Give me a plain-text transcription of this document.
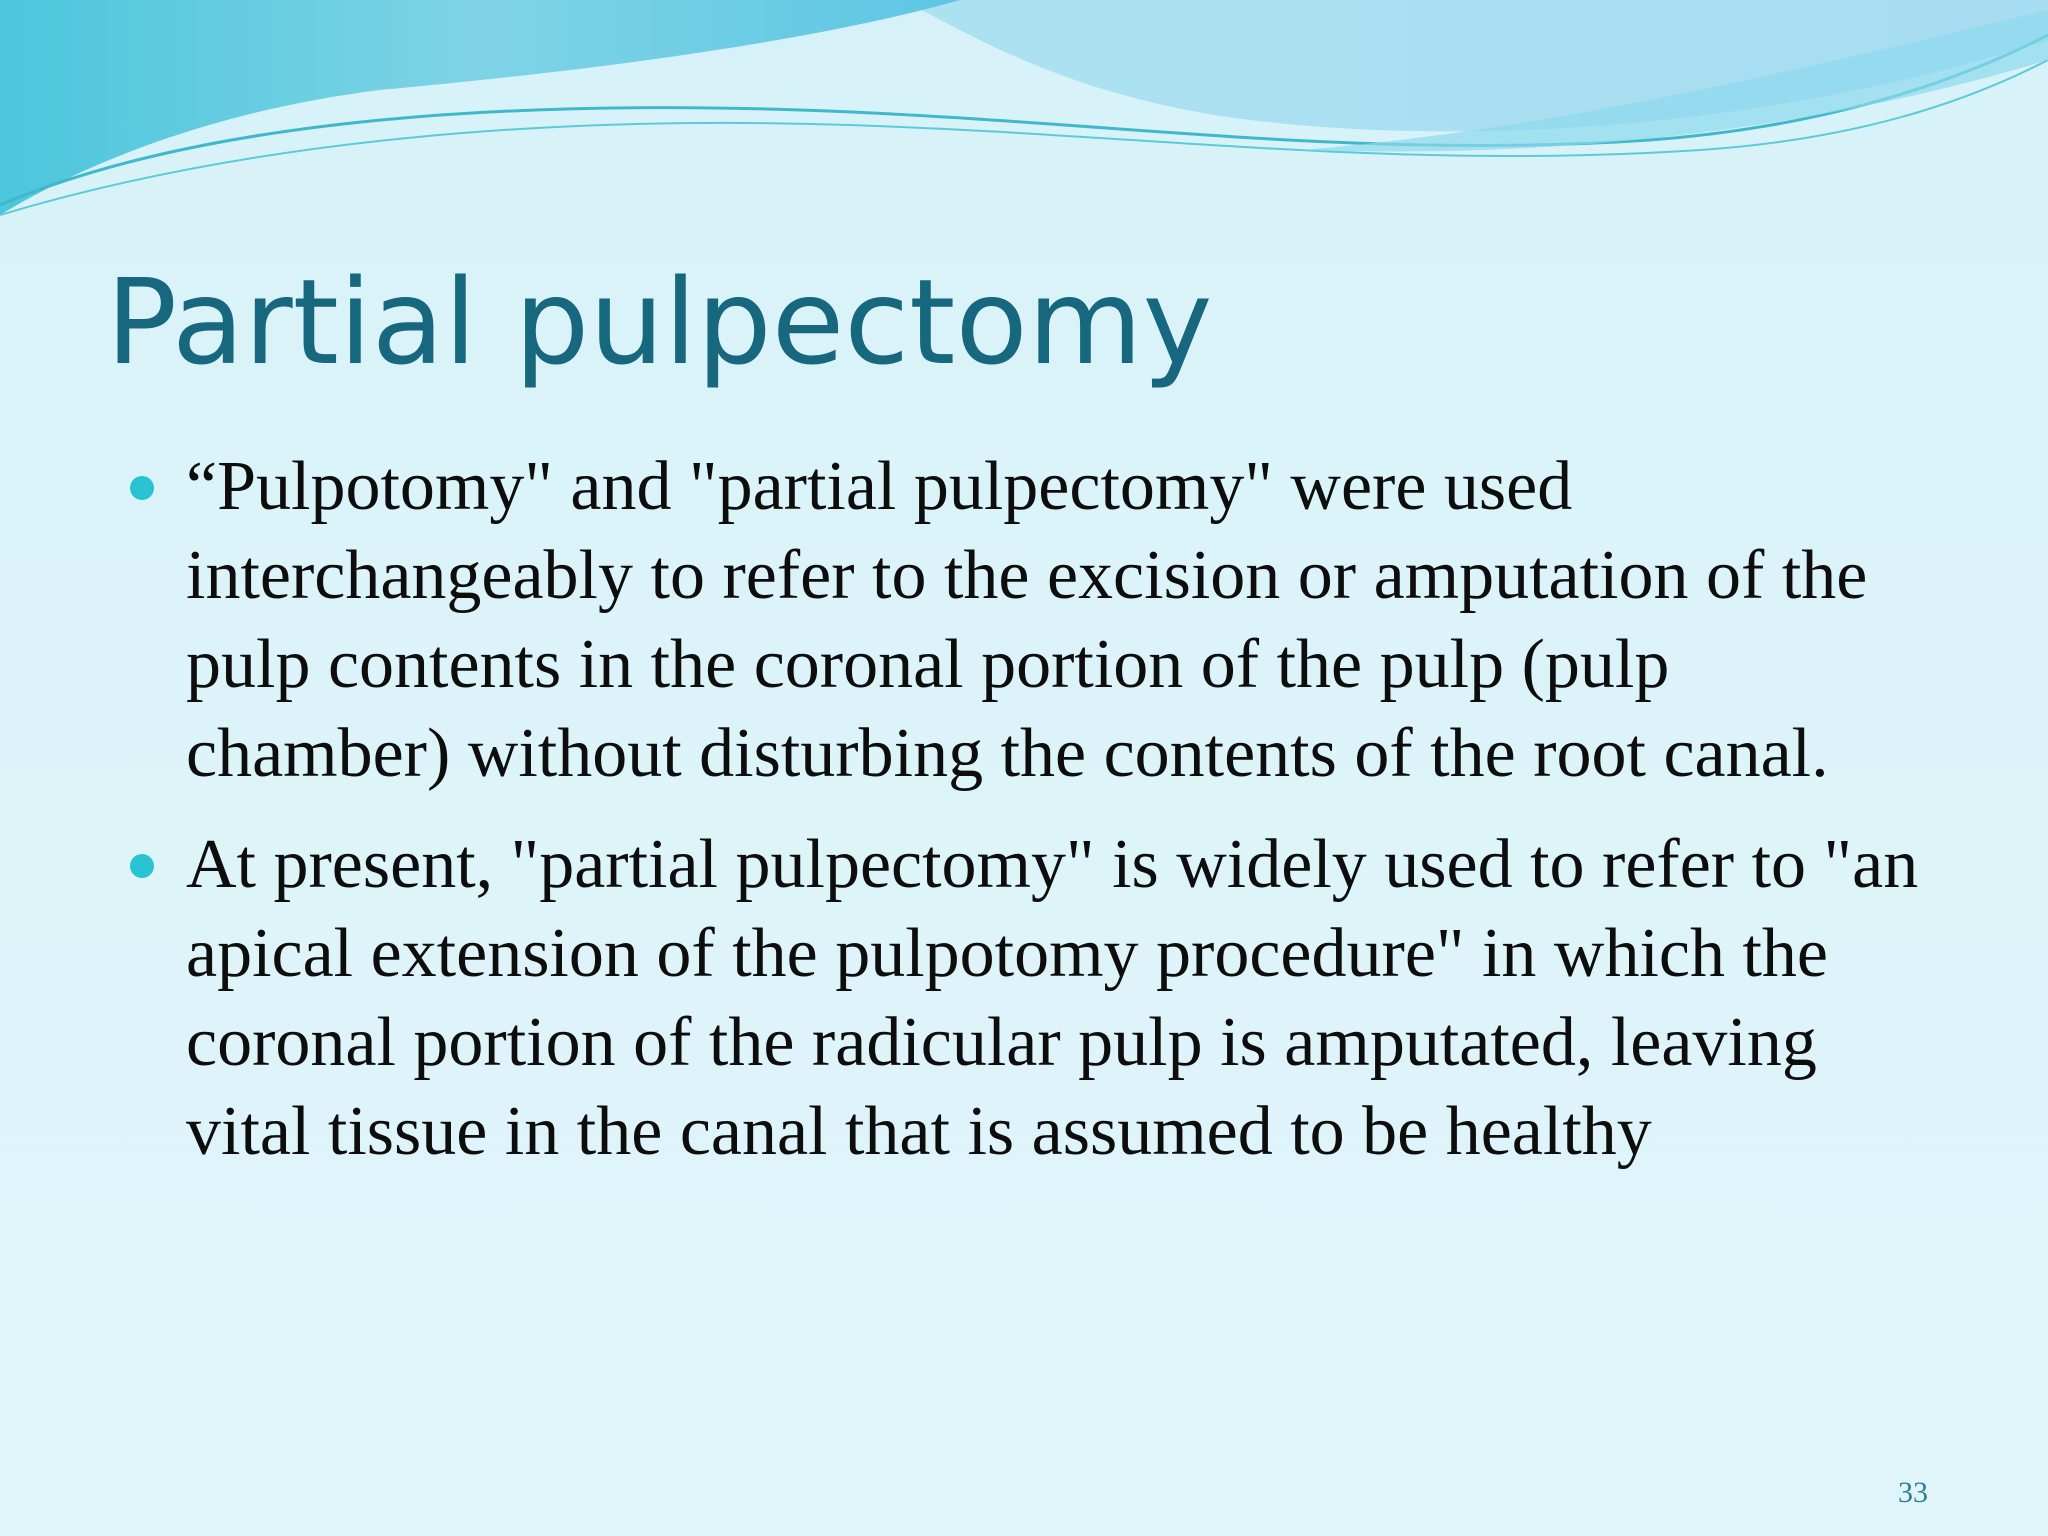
Partial pulpectomy
“Pulpotomy" and "partial pulpectomy" were used interchangeably to refer to the excision or amputation of the pulp contents in the coronal portion of the pulp (pulp chamber) without disturbing the contents of the root canal.
At present, "partial pulpectomy" is widely used to refer to "an apical extension of the pulpotomy procedure" in which the coronal portion of the radicular pulp is amputated, leaving vital tissue in the canal that is assumed to be healthy
33
